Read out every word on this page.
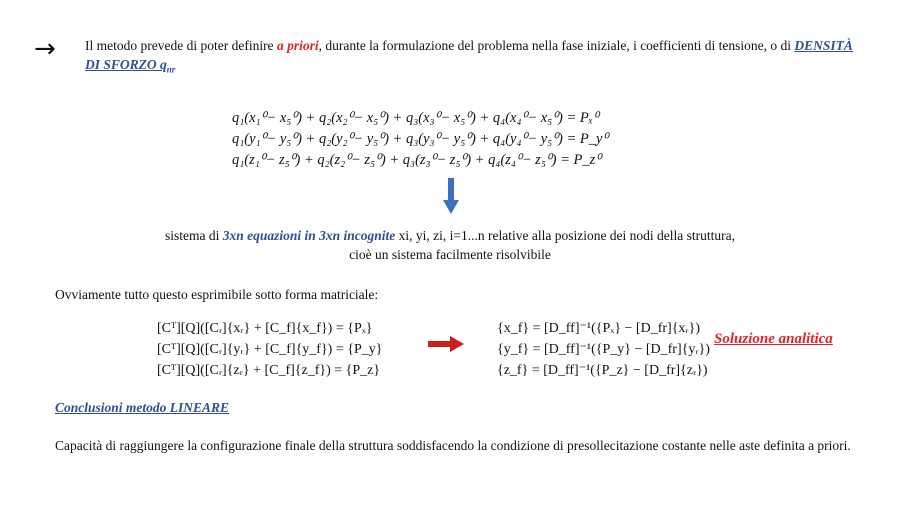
→ Il metodo prevede di poter definire a priori, durante la formulazione del problema nella fase iniziale, i coefficienti di tensione, o di DENSITÀ DI SFORZO $q_{nr}$
q₁(x₁⁰− x₅⁰) + q₂(x₂⁰− x₅⁰) + q₃(x₃⁰− x₅⁰) + q₄(x₄⁰− x₅⁰) = Pₓ⁰
q₁(y₁⁰− y₅⁰) + q₂(y₂⁰− y₅⁰) + q₃(y₃⁰− y₅⁰) + q₄(y₄⁰− y₅⁰) = P_y⁰
q₁(z₁⁰− z₅⁰) + q₂(z₂⁰− z₅⁰) + q₃(z₃⁰− z₅⁰) + q₄(z₄⁰− z₅⁰) = P_z⁰
sistema di 3xn equazioni in 3xn incognite xi, yi, zi, i=1...n relative alla posizione dei nodi della struttura,
cioè un sistema facilmente risolvibile
Ovviamente tutto questo esprimibile sotto forma matriciale:
[Cᵀ][Q]([Cᵣ]{xᵣ} + [C_f]{x_f}) = {Pₓ}
[Cᵀ][Q]([Cᵣ]{yᵣ} + [C_f]{y_f}) = {P_y}
[Cᵀ][Q]([Cᵣ]{zᵣ} + [C_f]{z_f}) = {P_z}
{x_f} = [D_ff]⁻¹({Pₓ} − [D_fr]{xᵣ})
{y_f} = [D_ff]⁻¹({P_y} − [D_fr]{yᵣ})
{z_f} = [D_ff]⁻¹({P_z} − [D_fr]{zᵣ})
Soluzione analitica
Conclusioni metodo LINEARE
Capacità di raggiungere la configurazione finale della struttura soddisfacendo la condizione di presollecitazione costante nelle aste definita a priori.
